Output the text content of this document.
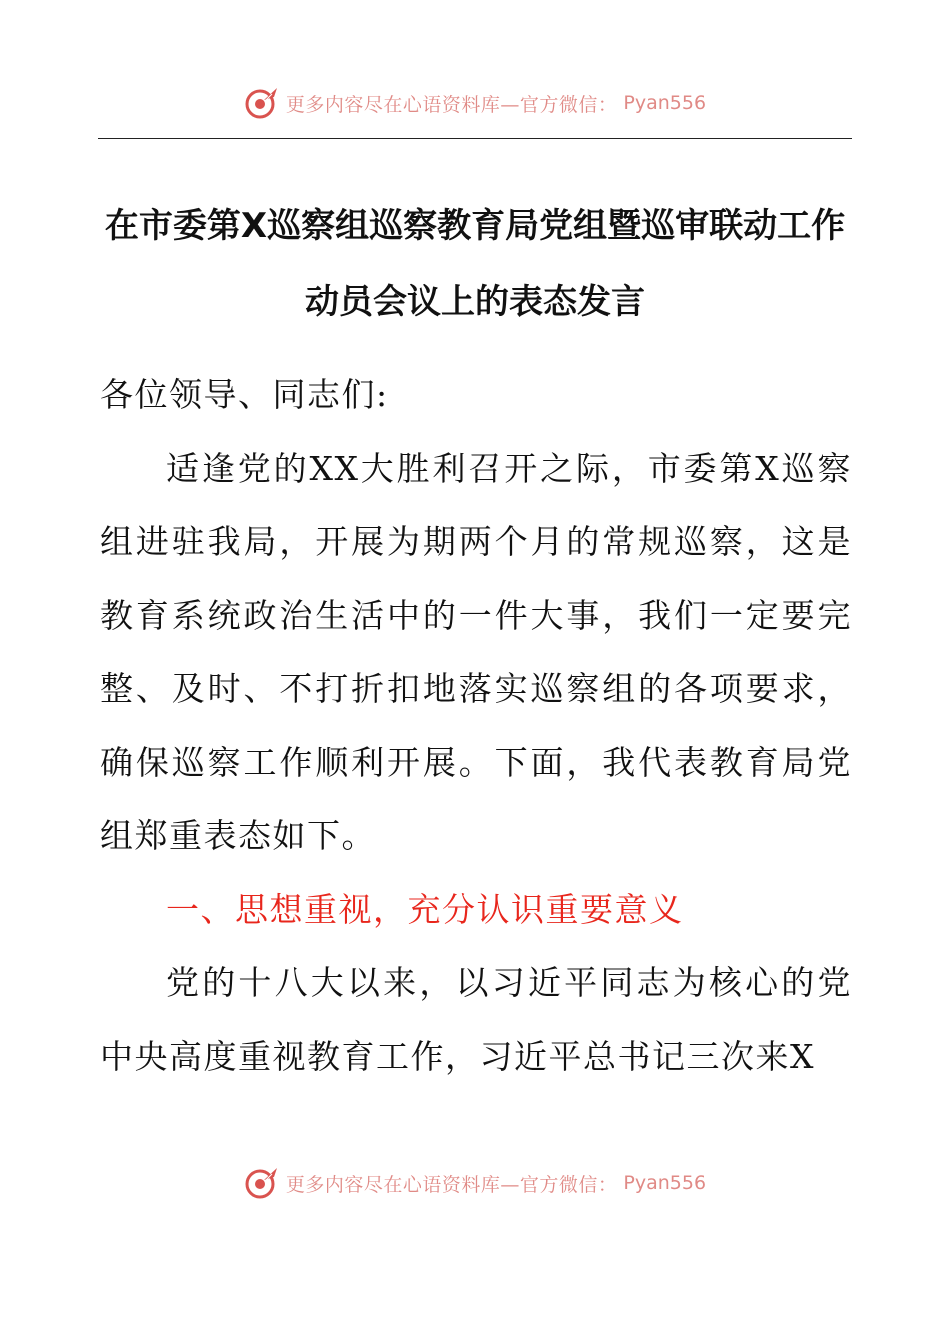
更多内容尽在心语资料库—官方微信： Pyan556
在市委第X巡察组巡察教育局党组暨巡审联动工作动员会议上的表态发言

各位领导、同志们:

适逢党的XX大胜利召开之际，市委第X巡察组进驻我局，开展为期两个月的常规巡察，这是教育系统政治生活中的一件大事，我们一定要完整、及时、不打折扣地落实巡察组的各项要求，确保巡察工作顺利开展。下面，我代表教育局党组郑重表态如下。

一、思想重视，充分认识重要意义

党的十八大以来，以习近平同志为核心的党中央高度重视教育工作，习近平总书记三次来X

更多内容尽在心语资料库—官方微信： Pyan556
